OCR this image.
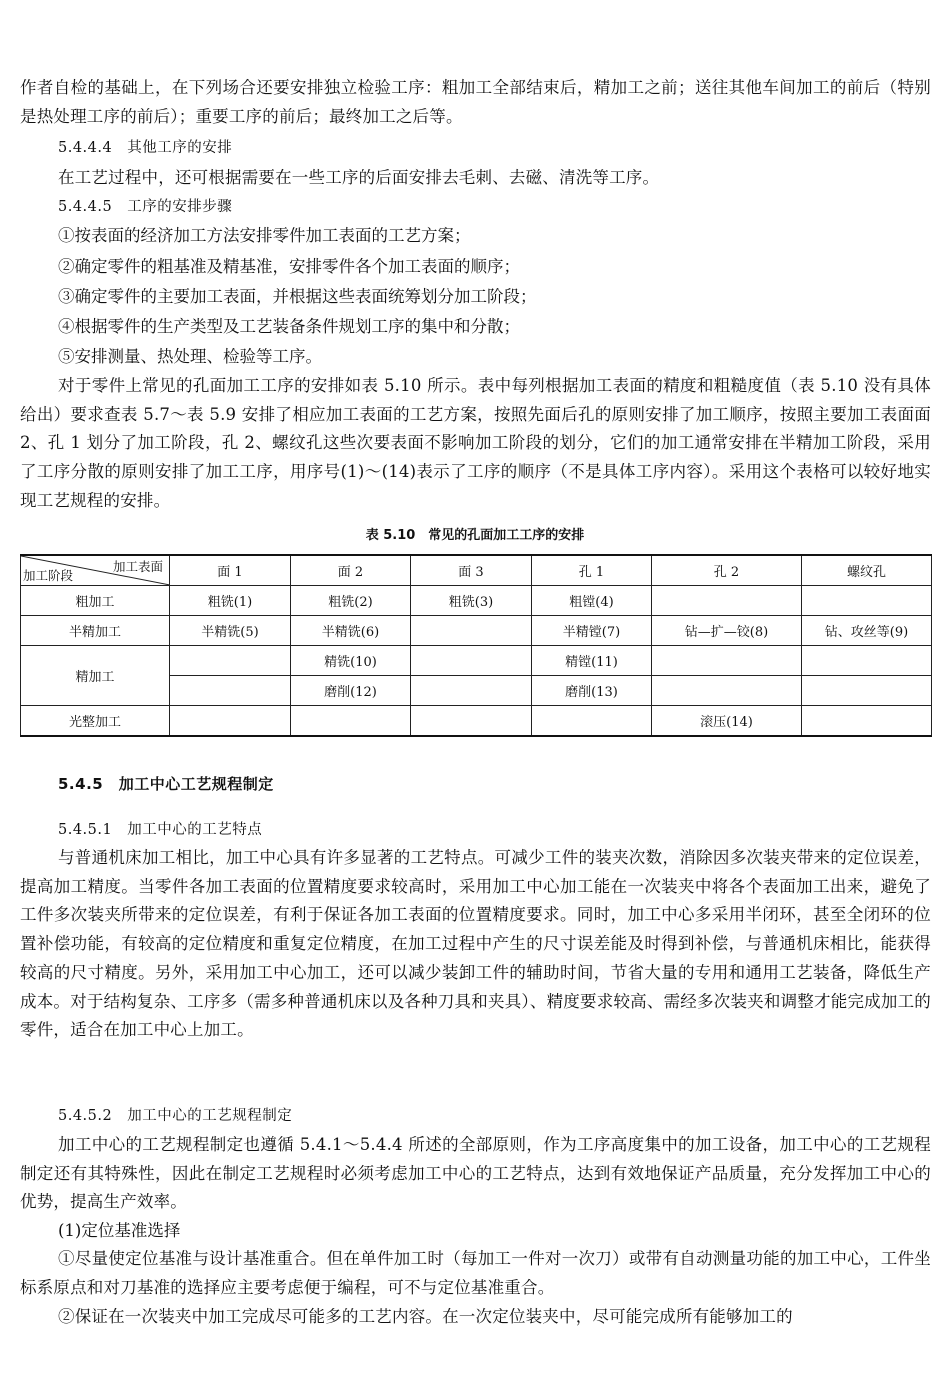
作者自检的基础上，在下列场合还要安排独立检验工序：粗加工全部结束后，精加工之前；送往其他车间加工的前后（特别是热处理工序的前后）；重要工序的前后；最终加工之后等。

5.4.4.4　其他工序的安排

在工艺过程中，还可根据需要在一些工序的后面安排去毛刺、去磁、清洗等工序。

5.4.4.5　工序的安排步骤
①按表面的经济加工方法安排零件加工表面的工艺方案；
②确定零件的粗基准及精基准，安排零件各个加工表面的顺序；
③确定零件的主要加工表面，并根据这些表面统筹划分加工阶段；
④根据零件的生产类型及工艺装备条件规划工序的集中和分散；
⑤安排测量、热处理、检验等工序。

对于零件上常见的孔面加工工序的安排如表 5.10 所示。表中每列根据加工表面的精度和粗糙度值（表 5.10 没有具体给出）要求查表 5.7～表 5.9 安排了相应加工表面的工艺方案，按照先面后孔的原则安排了加工顺序，按照主要加工表面面 2、孔 1 划分了加工阶段，孔 2、螺纹孔这些次要表面不影响加工阶段的划分，它们的加工通常安排在半精加工阶段，采用了工序分散的原则安排了加工工序，用序号(1)～(14)表示了工序的顺序（不是具体工序内容）。采用这个表格可以较好地实现工艺规程的安排。

表 5.10　常见的孔面加工工序的安排
加工表面
加工阶段	面 1	面 2	面 3	孔 1	孔 2	螺纹孔
粗加工	粗铣(1)	粗铣(2)	粗铣(3)	粗镗(4)		
半精加工	半精铣(5)	半精铣(6)		半精镗(7)	钻—扩—铰(8)	钻、攻丝等(9)
精加工		精铣(10)		精镗(11)		
		磨削(12)		磨削(13)		
光整加工					滚压(14)	
5.4.5　加工中心工艺规程制定
5.4.5.1　加工中心的工艺特点

与普通机床加工相比，加工中心具有许多显著的工艺特点。可减少工件的装夹次数，消除因多次装夹带来的定位误差，提高加工精度。当零件各加工表面的位置精度要求较高时，采用加工中心加工能在一次装夹中将各个表面加工出来，避免了工件多次装夹所带来的定位误差，有利于保证各加工表面的位置精度要求。同时，加工中心多采用半闭环，甚至全闭环的位置补偿功能，有较高的定位精度和重复定位精度，在加工过程中产生的尺寸误差能及时得到补偿，与普通机床相比，能获得较高的尺寸精度。另外，采用加工中心加工，还可以减少装卸工件的辅助时间，节省大量的专用和通用工艺装备，降低生产成本。对于结构复杂、工序多（需多种普通机床以及各种刀具和夹具）、精度要求较高、需经多次装夹和调整才能完成加工的零件，适合在加工中心上加工。

5.4.5.2　加工中心的工艺规程制定

加工中心的工艺规程制定也遵循 5.4.1～5.4.4 所述的全部原则，作为工序高度集中的加工设备，加工中心的工艺规程制定还有其特殊性，因此在制定工艺规程时必须考虑加工中心的工艺特点，达到有效地保证产品质量，充分发挥加工中心的优势，提高生产效率。

(1)定位基准选择

①尽量使定位基准与设计基准重合。但在单件加工时（每加工一件对一次刀）或带有自动测量功能的加工中心，工件坐标系原点和对刀基准的选择应主要考虑便于编程，可不与定位基准重合。

②保证在一次装夹中加工完成尽可能多的工艺内容。在一次定位装夹中，尽可能完成所有能够加工的
